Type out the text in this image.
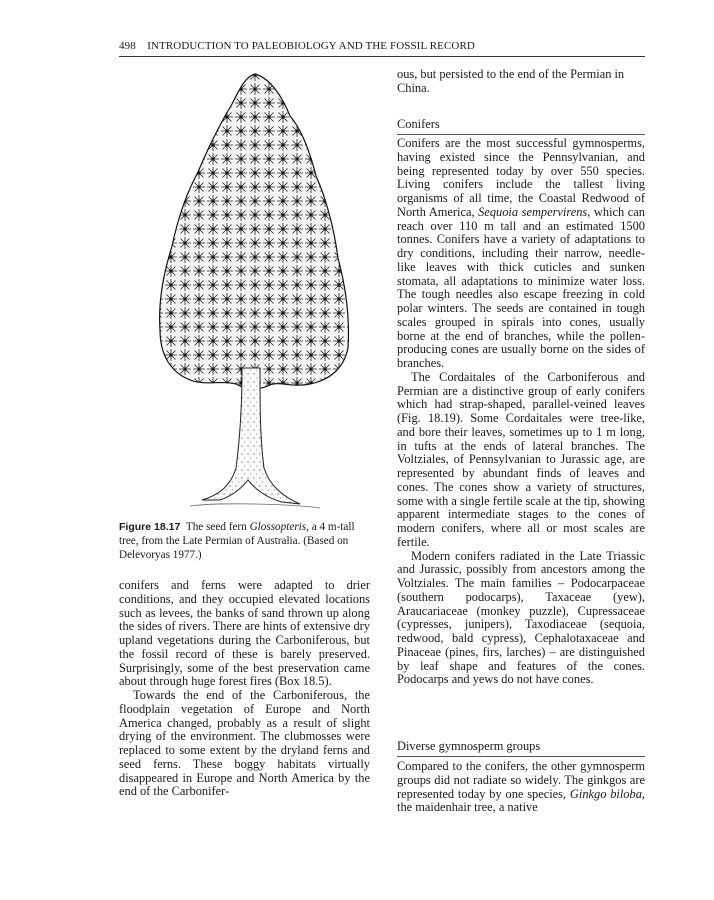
498 INTRODUCTION TO PALEOBIOLOGY AND THE FOSSIL RECORD
Figure 18.17 The seed fern Glossopteris, a 4 m-tall tree, from the Late Permian of Australia. (Based on Delevoryas 1977.)

conifers and ferns were adapted to drier conditions, and they occupied elevated locations such as levees, the banks of sand thrown up along the sides of rivers. There are hints of extensive dry upland vegetations during the Carboniferous, but the fossil record of these is barely preserved. Surprisingly, some of the best preservation came about through huge forest fires (Box 18.5).

Towards the end of the Carboniferous, the floodplain vegetation of Europe and North America changed, probably as a result of slight drying of the environment. The clubmosses were replaced to some extent by the dryland ferns and seed ferns. These boggy habitats virtually disappeared in Europe and North America by the end of the Carbonifer-

ous, but persisted to the end of the Permian in China.

Conifers

Conifers are the most successful gymnosperms, having existed since the Pennsylvanian, and being represented today by over 550 species. Living conifers include the tallest living organisms of all time, the Coastal Redwood of North America, Sequoia sempervirens, which can reach over 110 m tall and an estimated 1500 tonnes. Conifers have a variety of adaptations to dry conditions, including their narrow, needle-like leaves with thick cuticles and sunken stomata, all adaptations to minimize water loss. The tough needles also escape freezing in cold polar winters. The seeds are contained in tough scales grouped in spirals into cones, usually borne at the end of branches, while the pollen-producing cones are usually borne on the sides of branches.

The Cordaitales of the Carboniferous and Permian are a distinctive group of early conifers which had strap-shaped, parallel-veined leaves (Fig. 18.19). Some Cordaitales were tree-like, and bore their leaves, sometimes up to 1 m long, in tufts at the ends of lateral branches. The Voltziales, of Pennsylvanian to Jurassic age, are represented by abundant finds of leaves and cones. The cones show a variety of structures, some with a single fertile scale at the tip, showing apparent intermediate stages to the cones of modern conifers, where all or most scales are fertile.

Modern conifers radiated in the Late Triassic and Jurassic, possibly from ancestors among the Voltziales. The main families – Podocarpaceae (southern podocarps), Taxaceae (yew), Araucariaceae (monkey puzzle), Cupressaceae (cypresses, junipers), Taxodiaceae (sequoia, redwood, bald cypress), Cephalotaxaceae and Pinaceae (pines, firs, larches) – are distinguished by leaf shape and features of the cones. Podocarps and yews do not have cones.

Diverse gymnosperm groups

Compared to the conifers, the other gymnosperm groups did not radiate so widely. The ginkgos are represented today by one species, Ginkgo biloba, the maidenhair tree, a native
